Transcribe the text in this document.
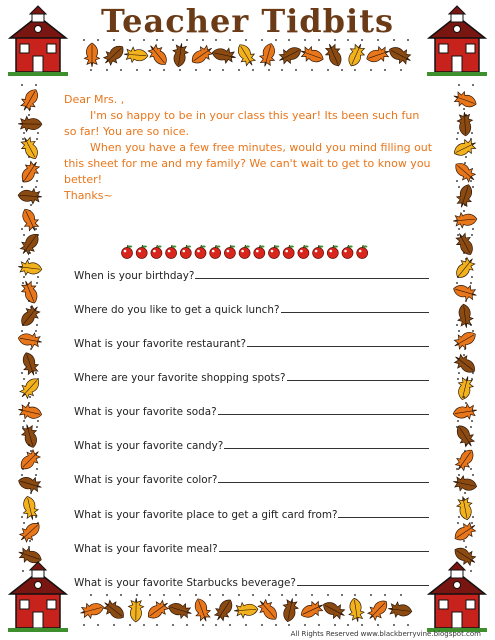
Teacher Tidbits

Dear Mrs. ,

I'm so happy to be in your class this year! Its been such fun so far! You are so nice.

When you have a few free minutes, would you mind filling out this sheet for me and my family? We can't wait to get to know you better!

Thanks~

When is your birthday?
Where do you like to get a quick lunch?
What is your favorite restaurant?
Where are your favorite shopping spots?
What is your favorite soda?
What is your favorite candy?
What is your favorite color?
What is your favorite place to get a gift card from?
What is your favorite meal?
What is your favorite Starbucks beverage?
All Rights Reserved www.blackberryvine.blogspot.com
